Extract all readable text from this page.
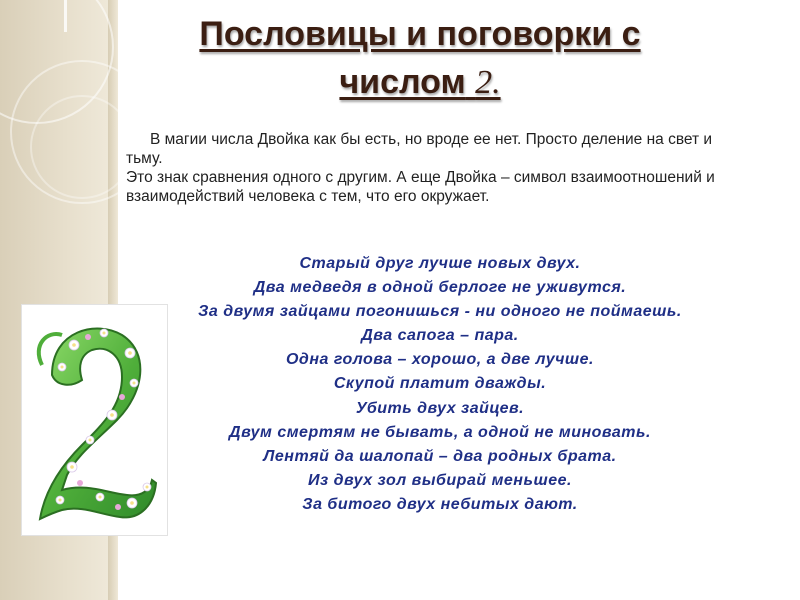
Пословицы и поговорки с
числом 2.

В магии числа Двойка как бы есть, но вроде ее нет. Просто деление на свет и тьму.

Это знак сравнения одного с другим. А еще Двойка – символ взаимоотношений и взаимодействий человека с тем, что его окружает.

Старый друг лучше новых двух.
Два медведя в одной берлоге не уживутся.
За двумя зайцами погонишься - ни одного не поймаешь.
Два сапога – пара.
Одна голова – хорошо, а две лучше.
Скупой платит дважды.
Убить двух зайцев.
Двум смертям не бывать, а одной не миновать.
Лентяй да шалопай – два родных брата.
Из двух зол выбирай меньшее.
За битого двух небитых дают.
